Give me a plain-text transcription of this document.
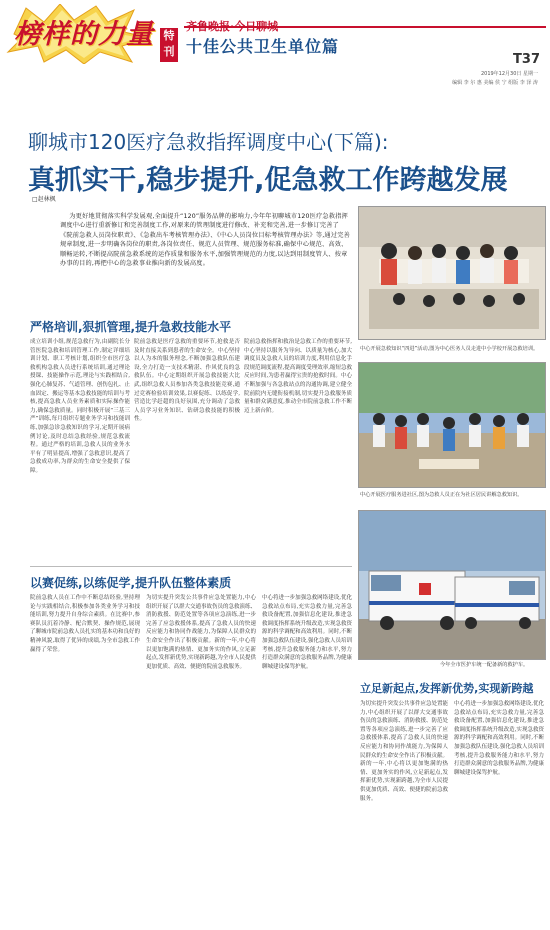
榜样的力量 特刊
齐鲁晚报·今日聊城
十佳公共卫生单位篇
T37
2019年12月30日 星期一
编辑 李 尔 惠 美编 侯 宁 组版 李 泽 涛
聊城市120医疗急救指挥调度中心(下篇):
真抓实干,稳步提升,促急救工作跨越发展
□赵林枫
为更好地贯彻落实科学发展观,全面提升“120”服务品牌的影响力,今年年初聊城市120医疗急救指挥调度中心进行重新修订和完善制度工作,对原来的管理制度进行修改、补充和完善,进一步修订完善了《院前急救人员岗位职责》、《急救出车考核管理办法》、《中心人员岗位目标考核管理办法》等,通过完善规章制度,进一步明确各岗位的职责,各岗位责任、规范人员管理、规范服务标准,确保中心规范、高效、顺畅运转,不断提高院前急救系统的运作质量和服务水平,加强管理规范的力度,以达到用制度管人、按章办事的目的,再把中心的急救事业推向新的发展高度。
中心开展急救知识“四进”活动,图为中心医务人员走进中小学校开展急救培训。
严格培训,狠抓管理,提升急救技能水平
成立培训小组,规范急救行为,由副院长分管医院急救和培训管理工作,制定详细培训计划、职工考核计划,组织全市医疗急救机构急救人员进行系统培训,通过理论授课、技能操作示范,理论与实践相结合,强化心肺复苏、气道管理、创伤包扎、止血固定、搬运等基本急救技能的培训与考核,提高急救人员业务素质和实际操作能力,确保急救质量。同时积极开展“三基三严”训练,每月组织专题业务学习和技能训练,加强急诊急救知识的学习,定期开展病例讨论,及时总结急救经验,规范急救流程。通过严格的培训,急救人员的业务水平有了明显提高,增强了急救意识,提高了急救成功率,为群众的生命安全提供了保障。
院前急救是医疗急救的重要环节,抢救是否及时直接关系到患者的生命安全。中心坚持以人为本的服务理念,不断加强急救队伍建设,全力打造一支技术精湛、作风优良的急救队伍。中心定期组织开展急救技能大比武,组织急救人员参加各类急救技能竞赛,通过竞赛检验培训效果,以赛促练、以练促学,营造比学赶超的良好氛围,充分调动了急救人员学习业务知识、钻研急救技能的积极性。
院前急救指挥和救治是急救工作的重要环节,中心坚持以服务为导向、以质量为核心,加大调度员及急救人员的培训力度,利用信息化手段规范调度流程,提高调度受理效率,缩短急救反应时间,为患者赢得宝贵的抢救时间。中心不断加强与各急救站点的沟通协调,建立健全院前院内无缝衔接机制,切实提升急救服务质量和群众满意度,推动全市院前急救工作不断迈上新台阶。
中心开展医疗服务进社区,图为急救人员正在为社区居民讲解急救知识。
以赛促练,以练促学,提升队伍整体素质
院前急救人员在工作中不断总结经验,坚持理论与实践相结合,积极参加各类业务学习和技能培训,努力提升自身综合素质。在比赛中,参赛队员沉着冷静、配合默契、操作规范,展现了聊城市院前急救人员扎实的基本功和良好的精神风貌,取得了优异的成绩,为全市急救工作赢得了荣誉。
为切实提升突发公共事件应急处置能力,中心组织开展了以群大交通事故伤员的急救演练、消防救援、防范处置等各项应急演练,进一步完善了应急救援体系,提高了急救人员的快速反应能力和协同作战能力,为保障人民群众的生命安全作出了积极贡献。新的一年,中心将以更加饱满的热情、更加务实的作风,立足新起点,发挥新优势,实现新跨越,为全市人民提供更加优质、高效、便捷的院前急救服务。
中心将进一步加强急救网络建设,优化急救站点布局,充实急救力量,完善急救设备配置,加强信息化建设,推进急救调度指挥系统升级改造,实现急救资源的科学调配和高效利用。同时,不断加强急救队伍建设,强化急救人员培训考核,提升急救服务能力和水平,努力打造群众满意的急救服务品牌,为健康聊城建设保驾护航。	今年全市医护车统一配备新的救护车。
立足新起点,发挥新优势,实现新跨越
为切实提升突发公共事件应急处置能力,中心组织开展了以群大交通事故伤员的急救演练、消防救援、防范处置等各项应急演练,进一步完善了应急救援体系,提高了急救人员的快速反应能力和协同作战能力,为保障人民群众的生命安全作出了积极贡献。新的一年,中心将以更加饱满的热情、更加务实的作风,立足新起点,发挥新优势,实现新跨越,为全市人民提供更加优质、高效、便捷的院前急救服务。
中心将进一步加强急救网络建设,优化急救站点布局,充实急救力量,完善急救设备配置,加强信息化建设,推进急救调度指挥系统升级改造,实现急救资源的科学调配和高效利用。同时,不断加强急救队伍建设,强化急救人员培训考核,提升急救服务能力和水平,努力打造群众满意的急救服务品牌,为健康聊城建设保驾护航。
